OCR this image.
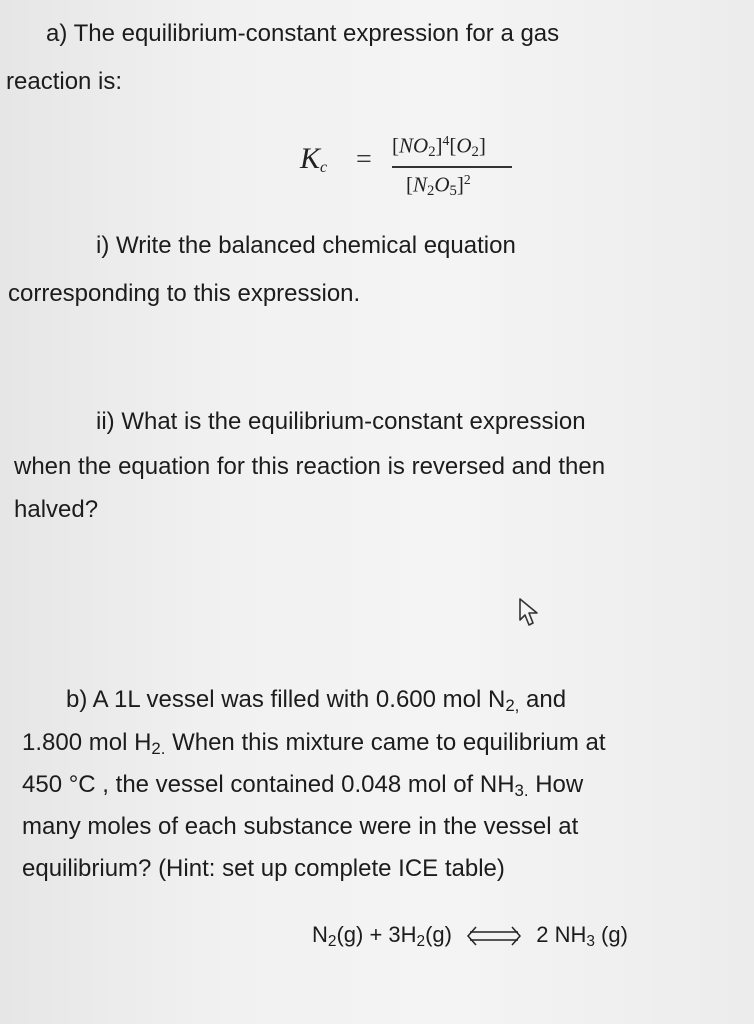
a) The equilibrium-constant expression for a gas
reaction is:
$K_c = [NO_2]^4[O_2]$
$[N_2O_5]^2$
i) Write the balanced chemical equation
corresponding to this expression.
ii) What is the equilibrium-constant expression
when the equation for this reaction is reversed and then
halved?
b) A 1L vessel was filled with 0.600 mol $N_{2,}$ and
1.800 mol $H_{2.}$ When this mixture came to equilibrium at
450 °C , the vessel contained 0.048 mol of $NH_{3.}$ How
many moles of each substance were in the vessel at
equilibrium? (Hint: set up complete ICE table)
$N_2(g) + 3H_2(g)$ ⇌ 2 $NH_3$ (g)
